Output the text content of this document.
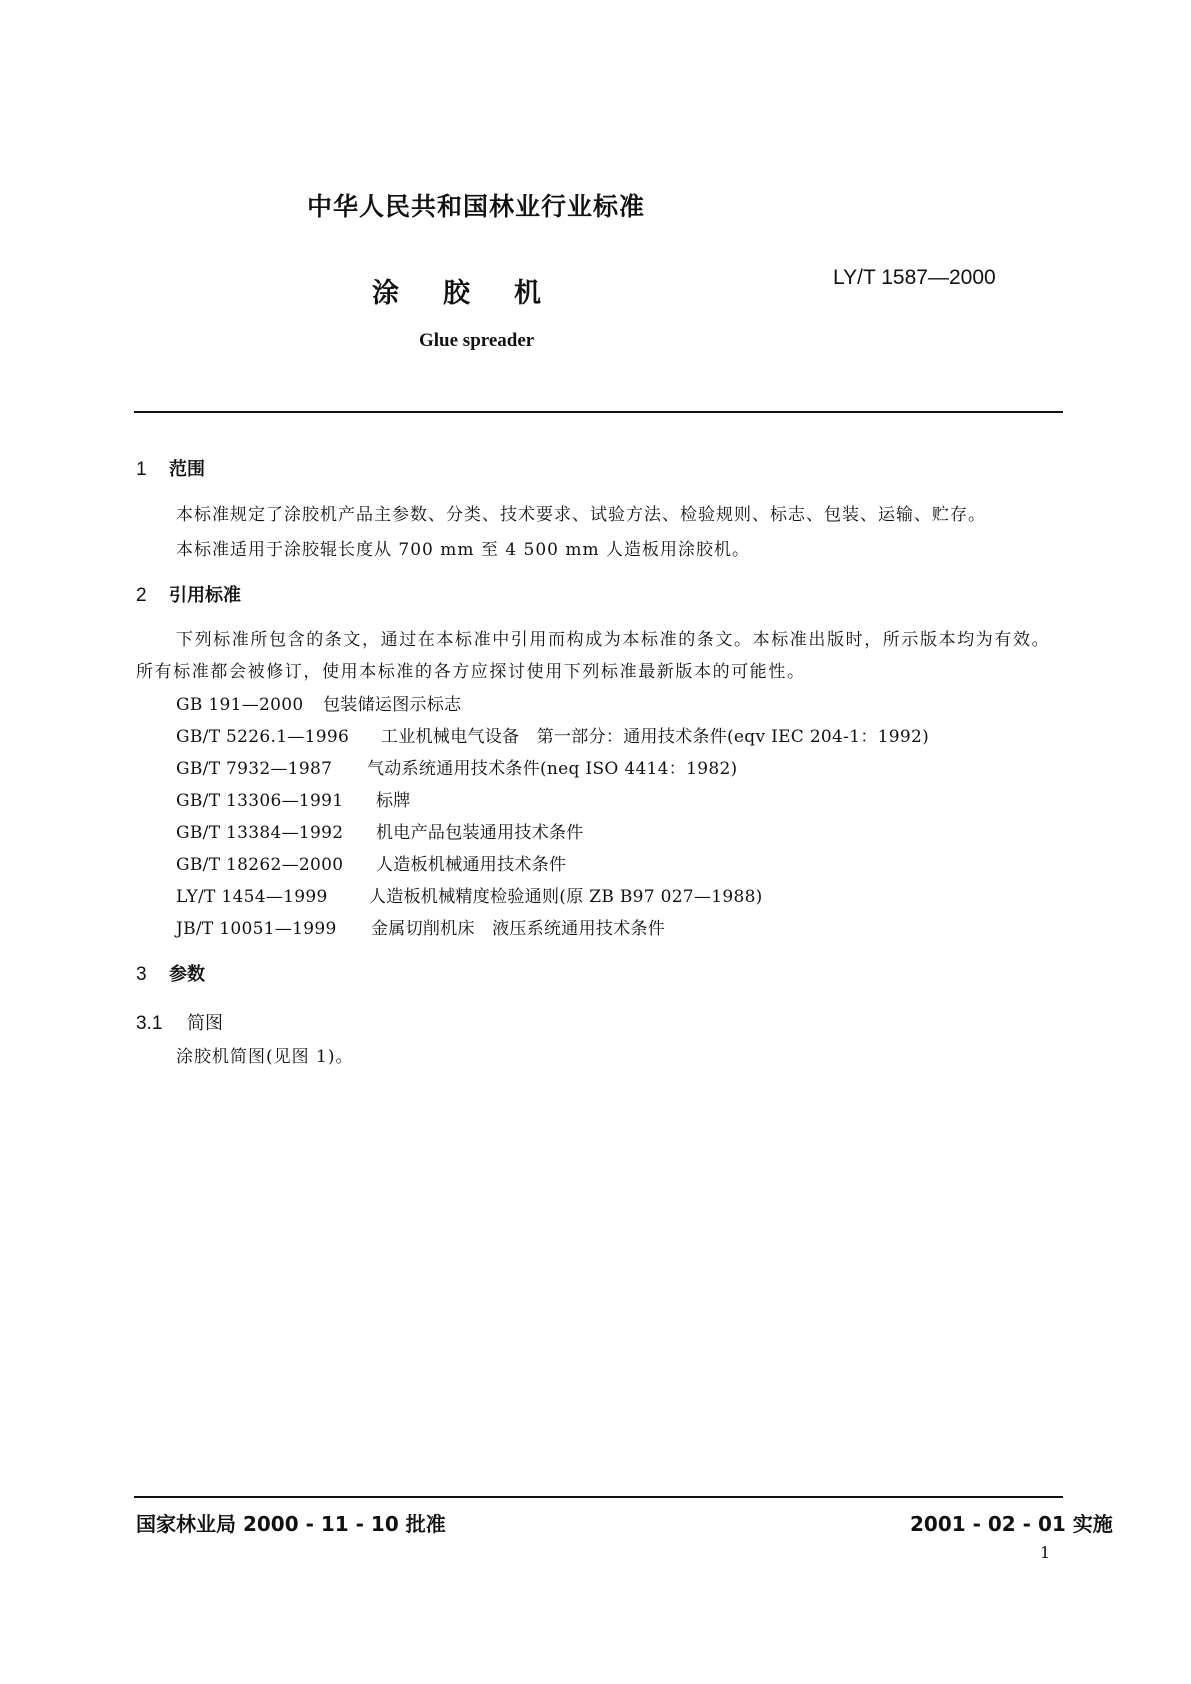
中华人民共和国林业行业标准
涂胶机
LY/T 1587—2000
Glue spreader
1 范围
本标准规定了涂胶机产品主参数、分类、技术要求、试验方法、检验规则、标志、包装、运输、贮存。
本标准适用于涂胶辊长度从 700 mm 至 4 500 mm 人造板用涂胶机。
2 引用标准
下列标准所包含的条文，通过在本标准中引用而构成为本标准的条文。本标准出版时，所示版本均为有效。所有标准都会被修订，使用本标准的各方应探讨使用下列标准最新版本的可能性。
GB 191—2000 包装储运图示标志
GB/T 5226.1—1996 工业机械电气设备　第一部分：通用技术条件(eqv IEC 204-1：1992)
GB/T 7932—1987 气动系统通用技术条件(neq ISO 4414：1982)
GB/T 13306—1991 标牌
GB/T 13384—1992 机电产品包装通用技术条件
GB/T 18262—2000 人造板机械通用技术条件
LY/T 1454—1999 人造板机械精度检验通则(原 ZB B97 027—1988)
JB/T 10051—1999 金属切削机床　液压系统通用技术条件
3 参数
3.1 简图
涂胶机简图(见图 1)。
国家林业局 2000 - 11 - 10 批准	2001 - 02 - 01 实施
1
